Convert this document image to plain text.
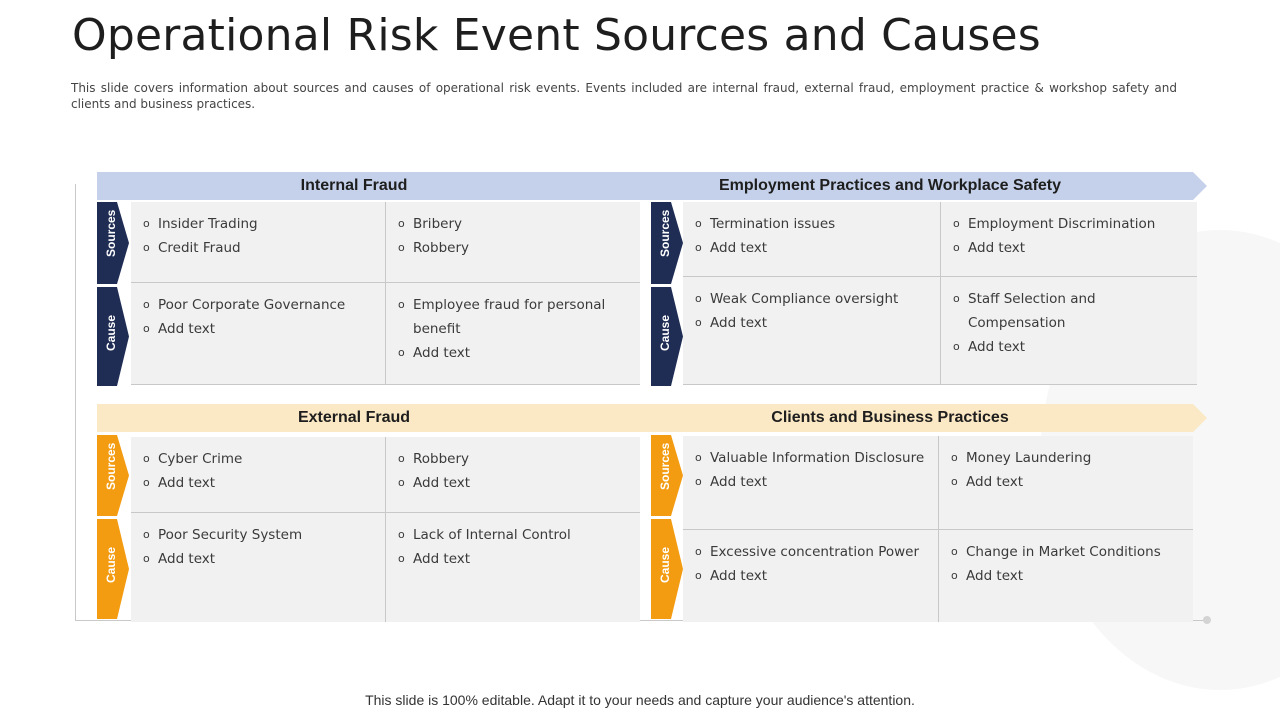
Operational Risk Event Sources and Causes
This slide covers information about sources and causes of operational risk events. Events included are internal fraud, external fraud, employment practice & workshop safety and clients and business practices.
Internal Fraud	Employment Practices and Workplace Safety
External Fraud	Clients and Business Practices
Sources
Cause
Sources
Cause
Sources
Cause
Sources
Cause
o Insider Trading
o Credit Fraud
o Bribery
o Robbery
o Poor Corporate Governance
o Add text
o Employee fraud for personal benefit
o Add text
o Termination issues
o Add text
o Employment Discrimination
o Add text
o Weak Compliance oversight
o Add text
o Staff Selection and Compensation
o Add text
o Cyber Crime
o Add text
o Robbery
o Add text
o Poor Security System
o Add text
o Lack of Internal Control
o Add text
o Valuable Information Disclosure
o Add text
o Money Laundering
o Add text
o Excessive concentration Power
o Add text
o Change in Market Conditions
o Add text
This slide is 100% editable. Adapt it to your needs and capture your audience's attention.
